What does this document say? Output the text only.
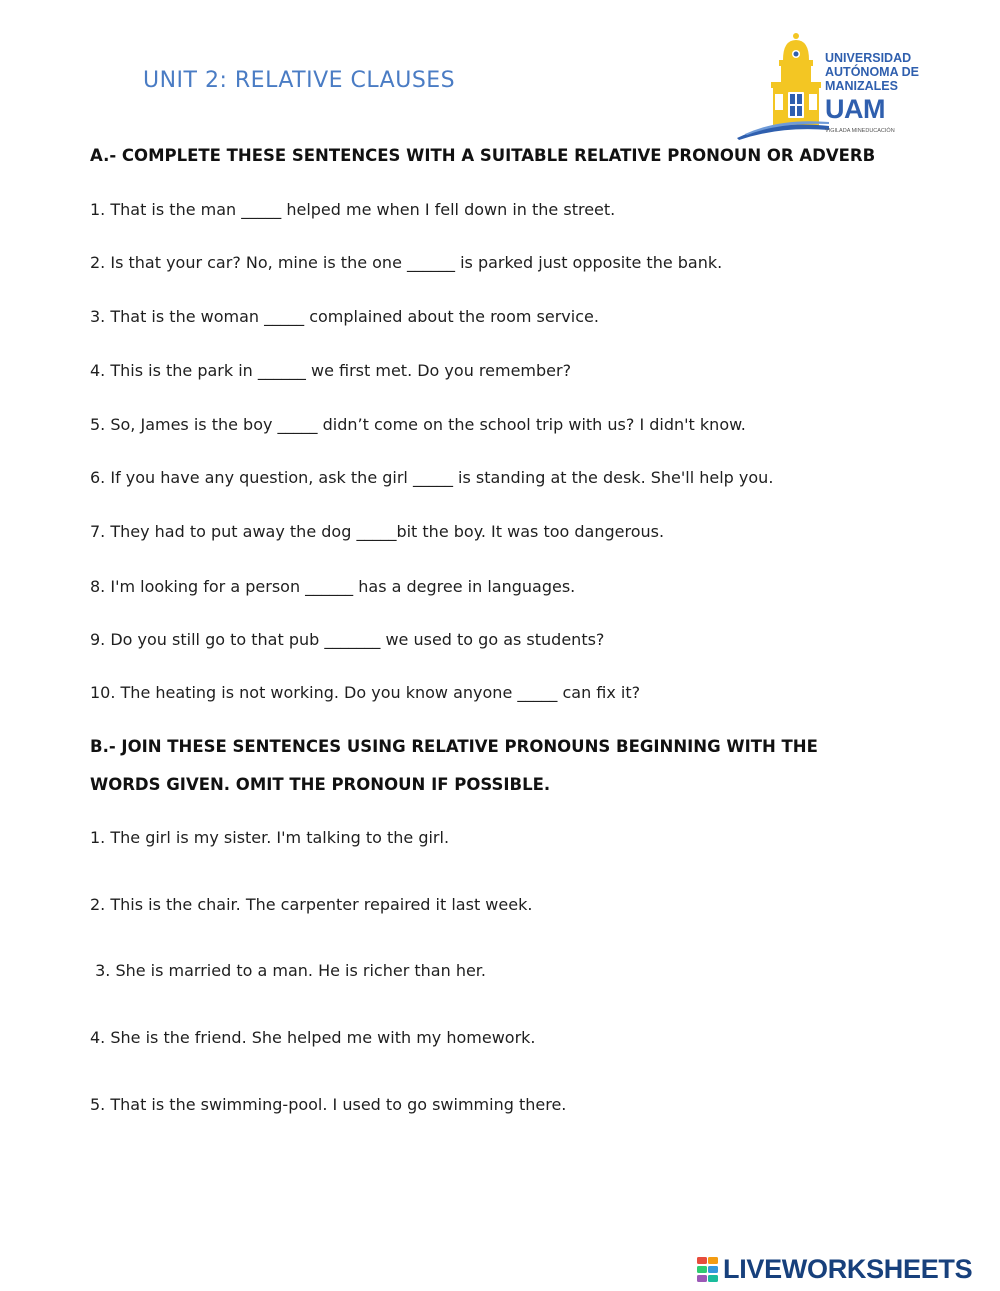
UNIT 2: RELATIVE CLAUSES
UNIVERSIDAD
AUTÓNOMA DE
MANIZALES
UAM
VIGILADA MINEDUCACIÓN
A.- COMPLETE THESE SENTENCES WITH A SUITABLE RELATIVE PRONOUN OR ADVERB
1. That is the man _____ helped me when I fell down in the street.
2. Is that your car? No, mine is the one ______ is parked just opposite the bank.
3. That is the woman _____ complained about the room service.
4. This is the park in ______ we first met. Do you remember?
5. So, James is the boy _____ didn’t come on the school trip with us? I didn't know.
6. If you have any question, ask the girl _____ is standing at the desk. She'll help you.
7. They had to put away the dog _____bit the boy. It was too dangerous.
8. I'm looking for a person ______ has a degree in languages.
9. Do you still go to that pub _______ we used to go as students?
10. The heating is not working. Do you know anyone _____ can fix it?
B.- JOIN THESE SENTENCES USING RELATIVE PRONOUNS BEGINNING WITH THE
WORDS GIVEN. OMIT THE PRONOUN IF POSSIBLE.
1. The girl is my sister. I'm talking to the girl.
2. This is the chair. The carpenter repaired it last week.
3. She is married to a man. He is richer than her.
4. She is the friend. She helped me with my homework.
5. That is the swimming-pool. I used to go swimming there.
LIVEWORKSHEETS
